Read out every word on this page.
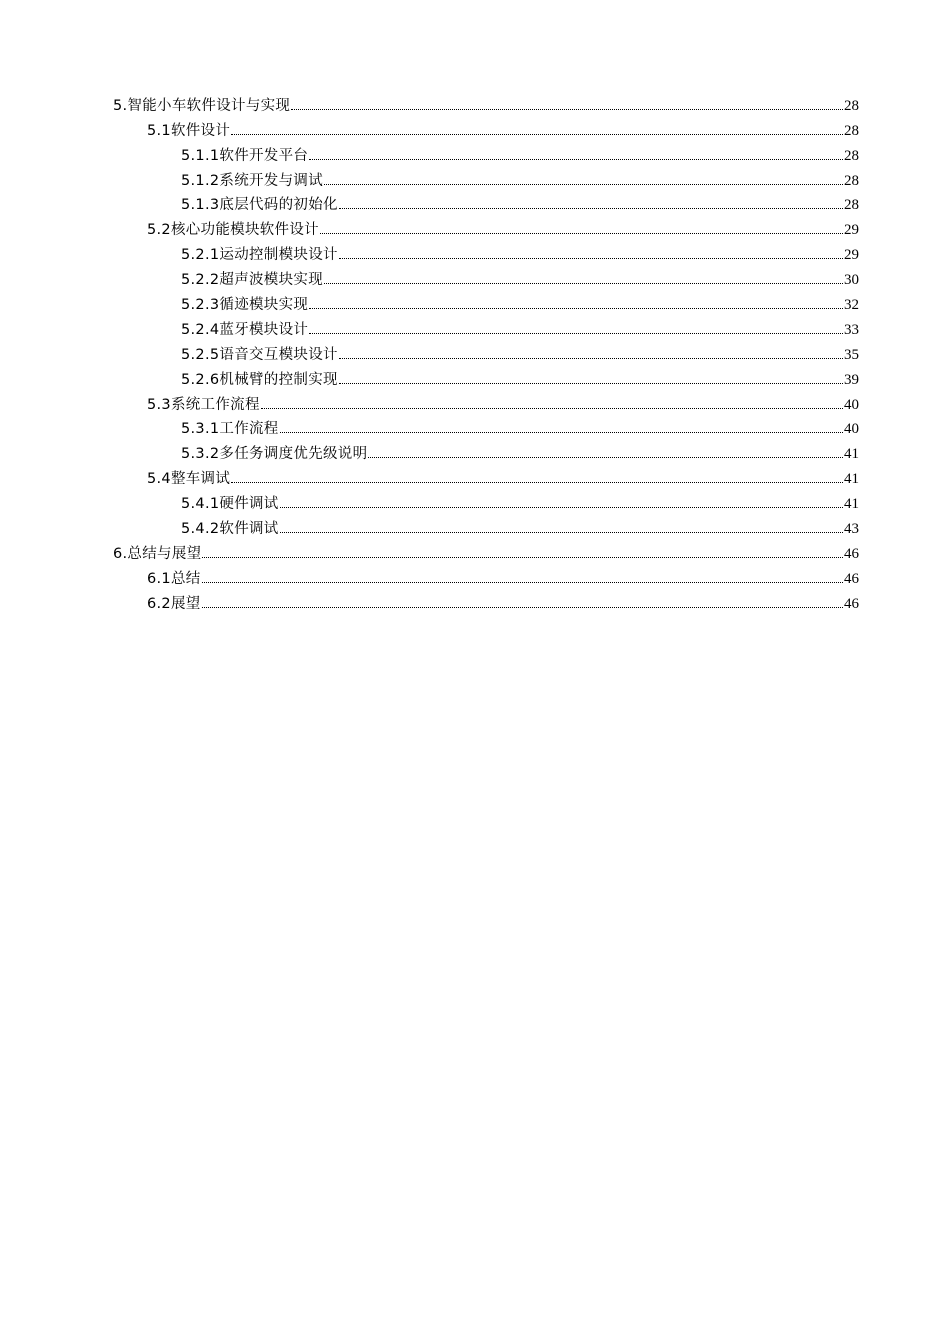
5.智能小车软件设计与实现	28
5.1软件设计	28
5.1.1软件开发平台	28
5.1.2系统开发与调试	28
5.1.3底层代码的初始化	28
5.2核心功能模块软件设计	29
5.2.1运动控制模块设计	29
5.2.2超声波模块实现	30
5.2.3循迹模块实现	32
5.2.4蓝牙模块设计	33
5.2.5语音交互模块设计	35
5.2.6机械臂的控制实现	39
5.3系统工作流程	40
5.3.1工作流程	40
5.3.2多任务调度优先级说明	41
5.4整车调试	41
5.4.1硬件调试	41
5.4.2软件调试	43
6.总结与展望	46
6.1总结	46
6.2展望	46
